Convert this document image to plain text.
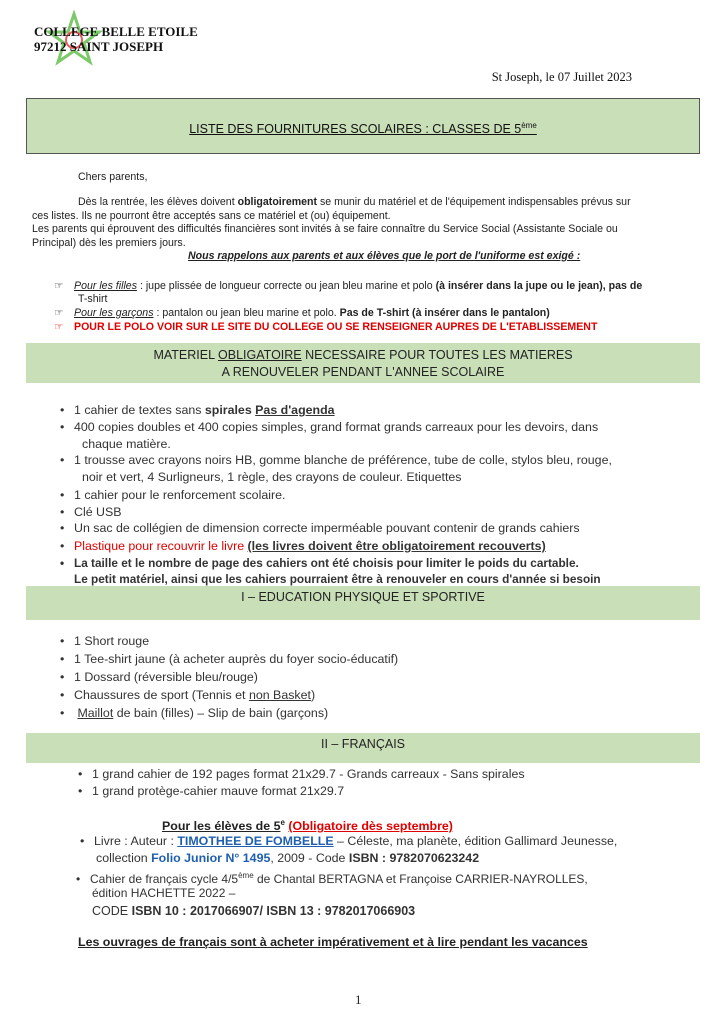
COLLEGE BELLE ETOILE
97212 SAINT JOSEPH
St Joseph, le 07 Juillet 2023
LISTE DES FOURNITURES SCOLAIRES : CLASSES DE 5ème
Chers parents,
Dès la rentrée, les élèves doivent obligatoirement se munir du matériel et de l'équipement indispensables prévus sur
ces listes. Ils ne pourront être acceptés sans ce matériel et (ou) équipement.
Les parents qui éprouvent des difficultés financières sont invités à se faire connaître du Service Social (Assistante Sociale ou
Principal) dès les premiers jours.
Nous rappelons aux parents et aux élèves que le port de l'uniforme est exigé :
☞ Pour les filles : jupe plissée de longueur correcte ou jean bleu marine et polo (à insérer dans la jupe ou le jean), pas de
T-shirt
☞ Pour les garçons : pantalon ou jean bleu marine et polo. Pas de T-shirt (à insérer dans le pantalon)
☞ POUR LE POLO VOIR SUR LE SITE DU COLLEGE OU SE RENSEIGNER AUPRES DE L'ETABLISSEMENT
MATERIEL OBLIGATOIRE NECESSAIRE POUR TOUTES LES MATIERES
A RENOUVELER PENDANT L'ANNEE SCOLAIRE
• 1 cahier de textes sans spirales Pas d'agenda
• 400 copies doubles et 400 copies simples, grand format grands carreaux pour les devoirs, dans
chaque matière.
• 1 trousse avec crayons noirs HB, gomme blanche de préférence, tube de colle, stylos bleu, rouge,
noir et vert, 4 Surligneurs, 1 règle, des crayons de couleur. Etiquettes
• 1 cahier pour le renforcement scolaire.
• Clé USB
• Un sac de collégien de dimension correcte imperméable pouvant contenir de grands cahiers
• Plastique pour recouvrir le livre (les livres doivent être obligatoirement recouverts)
• La taille et le nombre de page des cahiers ont été choisis pour limiter le poids du cartable.
Le petit matériel, ainsi que les cahiers pourraient être à renouveler en cours d'année si besoin
I – EDUCATION PHYSIQUE ET SPORTIVE
• 1 Short rouge
• 1 Tee-shirt jaune (à acheter auprès du foyer socio-éducatif)
• 1 Dossard (réversible bleu/rouge)
• Chaussures de sport (Tennis et non Basket)
• Maillot de bain (filles) – Slip de bain (garçons)
II – FRANÇAIS
• 1 grand cahier de 192 pages format 21x29.7 - Grands carreaux - Sans spirales
• 1 grand protège-cahier mauve format 21x29.7
Pour les élèves de 5e (Obligatoire dès septembre)
• Livre : Auteur : TIMOTHEE DE FOMBELLE – Céleste, ma planète, édition Gallimard Jeunesse,
collection Folio Junior N° 1495, 2009 - Code ISBN : 9782070623242
• Cahier de français cycle 4/5ème de Chantal BERTAGNA et Françoise CARRIER-NAYROLLES,
édition HACHETTE 2022 –
CODE ISBN 10 : 2017066907/ ISBN 13 : 9782017066903
Les ouvrages de français sont à acheter impérativement et à lire pendant les vacances
1
